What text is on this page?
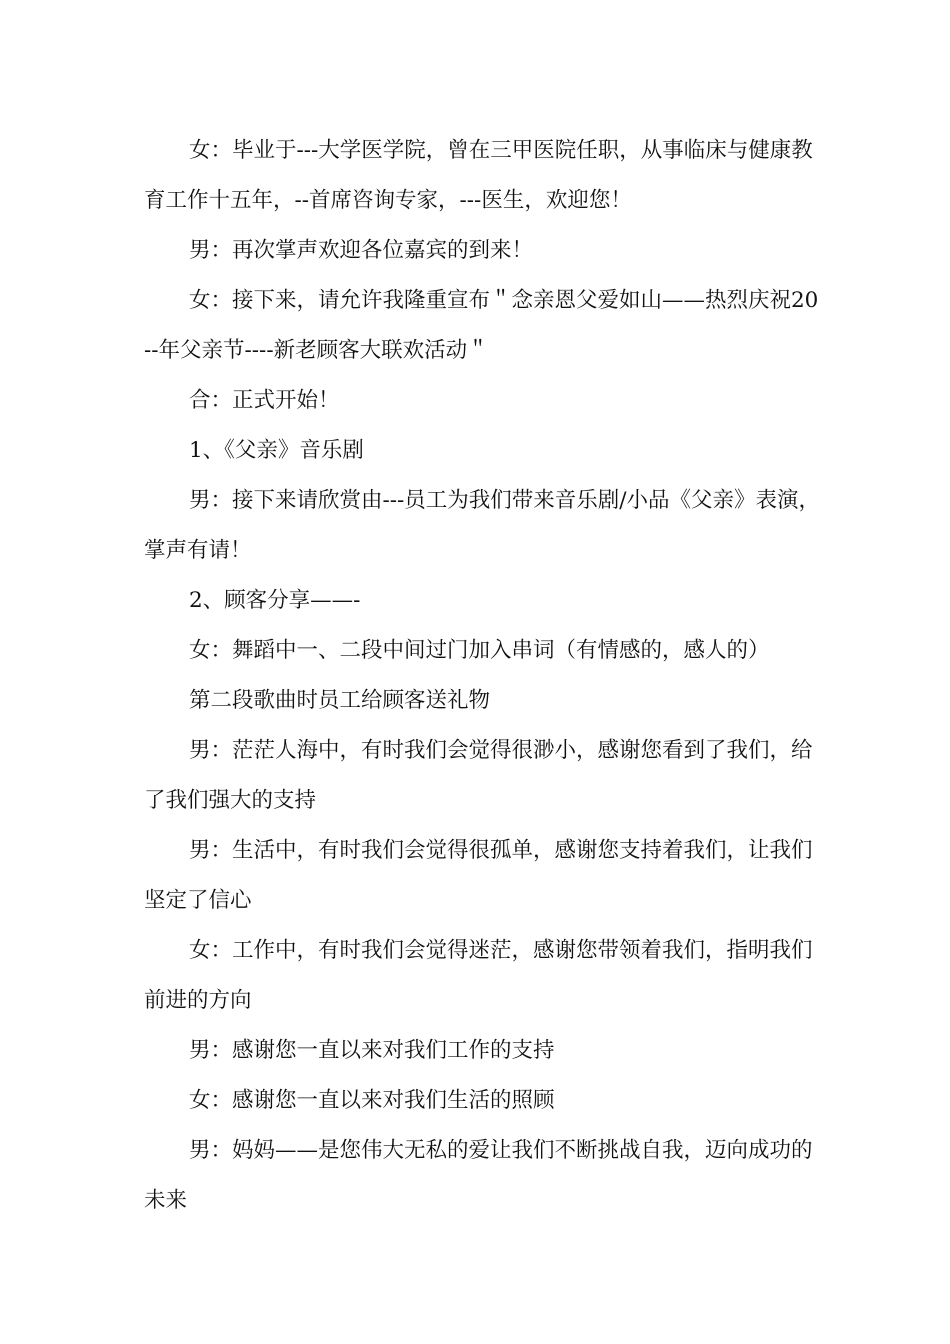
女：毕业于---大学医学院，曾在三甲医院任职，从事临床与健康教育工作十五年，--首席咨询专家，---医生，欢迎您！

男：再次掌声欢迎各位嘉宾的到来！

女：接下来，请允许我隆重宣布＂念亲恩父爱如山——热烈庆祝20--年父亲节----新老顾客大联欢活动＂

合：正式开始！

1、《父亲》音乐剧

男：接下来请欣赏由---员工为我们带来音乐剧/小品《父亲》表演，掌声有请！

2、顾客分享——-

女：舞蹈中一、二段中间过门加入串词（有情感的，感人的）

第二段歌曲时员工给顾客送礼物

男：茫茫人海中，有时我们会觉得很渺小，感谢您看到了我们，给了我们强大的支持

男：生活中，有时我们会觉得很孤单，感谢您支持着我们，让我们坚定了信心

女：工作中，有时我们会觉得迷茫，感谢您带领着我们，指明我们前进的方向

男：感谢您一直以来对我们工作的支持

女：感谢您一直以来对我们生活的照顾

男：妈妈——是您伟大无私的爱让我们不断挑战自我，迈向成功的未来
